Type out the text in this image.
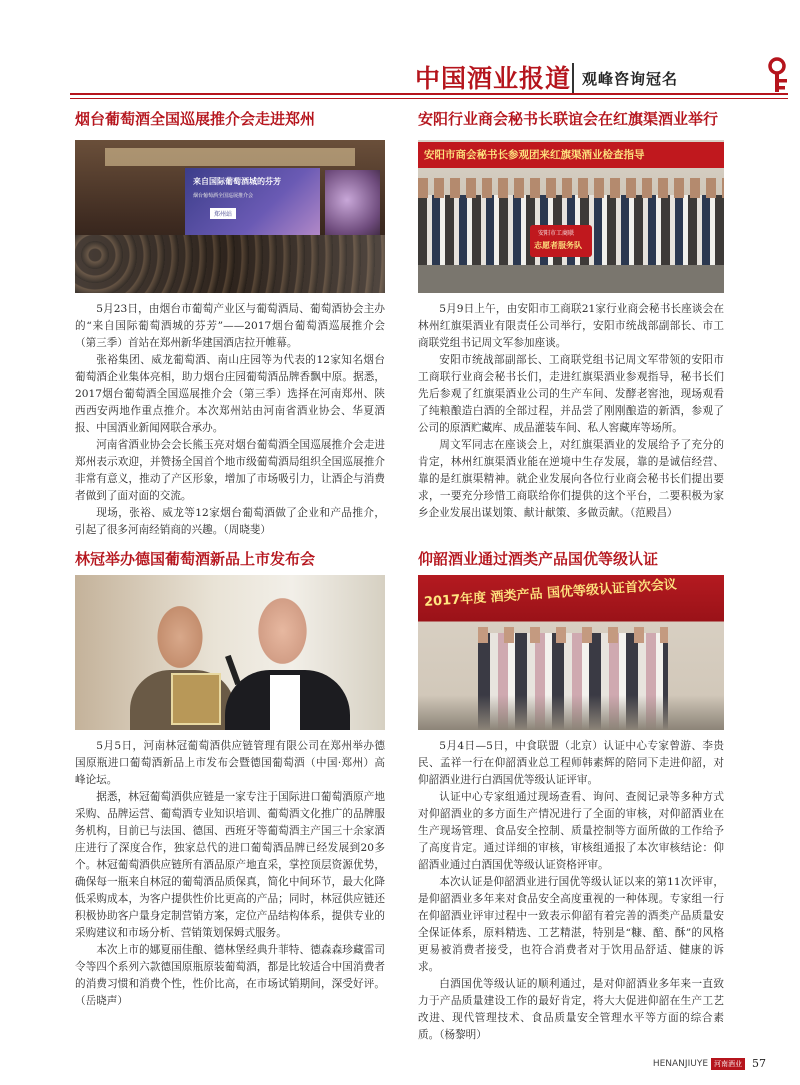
中国酒业报道 观峰咨询冠名
烟台葡萄酒全国巡展推介会走进郑州
来自国际葡萄酒城的芬芳
烟台葡萄酒全国巡展推介会
郑州站

5月23日，由烟台市葡萄产业区与葡萄酒局、葡萄酒协会主办的“来自国际葡萄酒城的芬芳”——2017烟台葡萄酒巡展推介会（第三季）首站在郑州新华建国酒店拉开帷幕。

张裕集团、威龙葡萄酒、南山庄园等为代表的12家知名烟台葡萄酒企业集体亮相，助力烟台庄园葡萄酒品牌香飘中原。据悉，2017烟台葡萄酒全国巡展推介会（第三季）选择在河南郑州、陕西西安两地作重点推介。本次郑州站由河南省酒业协会、华夏酒报、中国酒业新闻网联合承办。

河南省酒业协会会长熊玉亮对烟台葡萄酒全国巡展推介会走进郑州表示欢迎，并赞扬全国首个地市级葡萄酒局组织全国巡展推介非常有意义，推动了产区形象，增加了市场吸引力，让酒企与消费者做到了面对面的交流。

现场，张裕、威龙等12家烟台葡萄酒做了企业和产品推介，引起了很多河南经销商的兴趣。（周晓斐）

安阳行业商会秘书长联谊会在红旗渠酒业举行
安阳市商会秘书长参观团来红旗渠酒业检查指导
安阳市工商联
志愿者服务队

5月9日上午，由安阳市工商联21家行业商会秘书长座谈会在林州红旗渠酒业有限责任公司举行，安阳市统战部副部长、市工商联党组书记周文军参加座谈。

安阳市统战部副部长、工商联党组书记周文军带领的安阳市工商联行业商会秘书长们，走进红旗渠酒业参观指导，秘书长们先后参观了红旗渠酒业公司的生产车间、发酵老窖池，现场观看了纯粮酿造白酒的全部过程，并品尝了刚刚酿造的新酒，参观了公司的原酒贮藏库、成品灌装车间、私人窖藏库等场所。

周文军同志在座谈会上，对红旗渠酒业的发展给予了充分的肯定，林州红旗渠酒业能在逆境中生存发展，靠的是诚信经营、靠的是红旗渠精神。就企业发展向各位行业商会秘书长们提出要求，一要充分珍惜工商联给你们提供的这个平台，二要积极为家乡企业发展出谋划策、献计献策、多做贡献。（范殿昌）

林冠举办德国葡萄酒新品上市发布会

5月5日，河南林冠葡萄酒供应链管理有限公司在郑州举办德国原瓶进口葡萄酒新品上市发布会暨德国葡萄酒（中国·郑州）高峰论坛。

据悉，林冠葡萄酒供应链是一家专注于国际进口葡萄酒原产地采购、品牌运营、葡萄酒专业知识培训、葡萄酒文化推广的品牌服务机构，目前已与法国、德国、西班牙等葡萄酒主产国三十余家酒庄进行了深度合作，独家总代的进口葡萄酒品牌已经发展到20多个。林冠葡萄酒供应链所有酒品原产地直采，掌控顶层资源优势，确保每一瓶来自林冠的葡萄酒品质保真，简化中间环节，最大化降低采购成本，为客户提供性价比更高的产品；同时，林冠供应链还积极协助客户量身定制营销方案，定位产品结构体系，提供专业的采购建议和市场分析、营销策划保姆式服务。

本次上市的娜夏丽佳酿、德林堡经典升菲特、德森森珍藏雷司令等四个系列六款德国原瓶原装葡萄酒，都是比较适合中国消费者的消费习惯和消费个性，性价比高，在市场试销期间，深受好评。（岳晓声）

仰韶酒业通过酒类产品国优等级认证
2017年度 酒类产品 国优等级认证首次会议

5月4日—5日，中食联盟（北京）认证中心专家曾游、李贵民、孟祥一行在仰韶酒业总工程师韩素辉的陪同下走进仰韶，对仰韶酒业进行白酒国优等级认证评审。

认证中心专家组通过现场查看、询问、查阅记录等多种方式对仰韶酒业的多方面生产情况进行了全面的审核，对仰韶酒业在生产现场管理、食品安全控制、质量控制等方面所做的工作给予了高度肯定。通过详细的审核，审核组通报了本次审核结论：仰韶酒业通过白酒国优等级认证资格评审。

本次认证是仰韶酒业进行国优等级认证以来的第11次评审，是仰韶酒业多年来对食品安全高度重视的一种体现。专家组一行在仰韶酒业评审过程中一致表示仰韶有着完善的酒类产品质量安全保证体系，原料精选、工艺精湛，特别是“糠、醅、酥”的风格更易被消费者接受，也符合消费者对于饮用品舒适、健康的诉求。

白酒国优等级认证的顺利通过，是对仰韶酒业多年来一直致力于产品质量建设工作的最好肯定，将大大促进仰韶在生产工艺改进、现代管理技术、食品质量安全管理水平等方面的综合素质。（杨黎明）

HENANJIUYE 河南酒业 57
